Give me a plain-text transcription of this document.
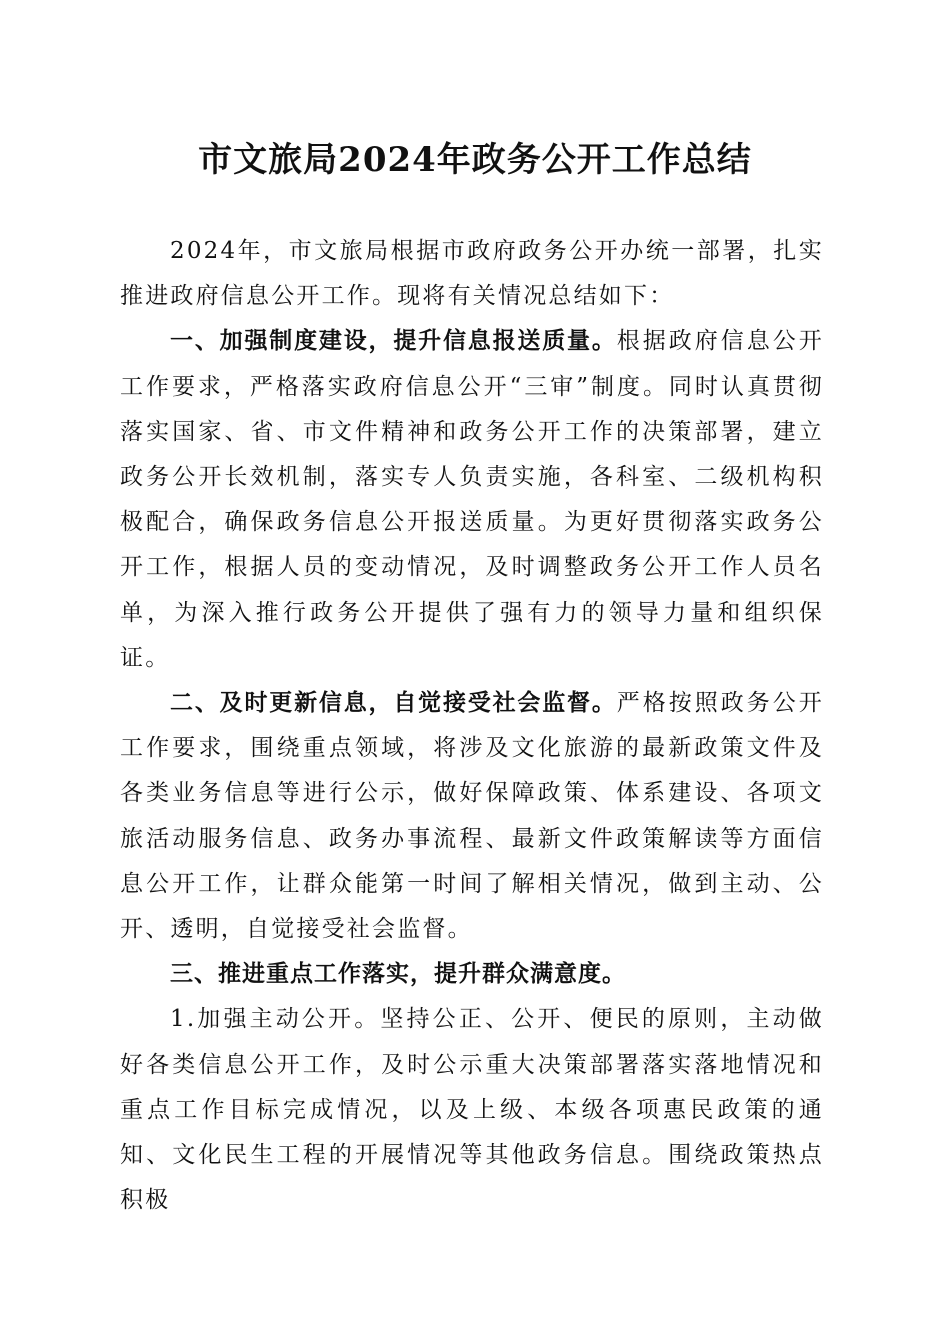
市文旅局2024年政务公开工作总结

2024年，市文旅局根据市政府政务公开办统一部署，扎实推进政府信息公开工作。现将有关情况总结如下：

一、加强制度建设，提升信息报送质量。根据政府信息公开工作要求，严格落实政府信息公开“三审”制度。同时认真贯彻落实国家、省、市文件精神和政务公开工作的决策部署，建立政务公开长效机制，落实专人负责实施，各科室、二级机构积极配合，确保政务信息公开报送质量。为更好贯彻落实政务公开工作，根据人员的变动情况，及时调整政务公开工作人员名单，为深入推行政务公开提供了强有力的领导力量和组织保证。

二、及时更新信息，自觉接受社会监督。严格按照政务公开工作要求，围绕重点领域，将涉及文化旅游的最新政策文件及各类业务信息等进行公示，做好保障政策、体系建设、各项文旅活动服务信息、政务办事流程、最新文件政策解读等方面信息公开工作，让群众能第一时间了解相关情况，做到主动、公开、透明，自觉接受社会监督。

三、推进重点工作落实，提升群众满意度。

1.加强主动公开。坚持公正、公开、便民的原则，主动做好各类信息公开工作，及时公示重大决策部署落实落地情况和重点工作目标完成情况，以及上级、本级各项惠民政策的通知、文化民生工程的开展情况等其他政务信息。围绕政策热点积极
